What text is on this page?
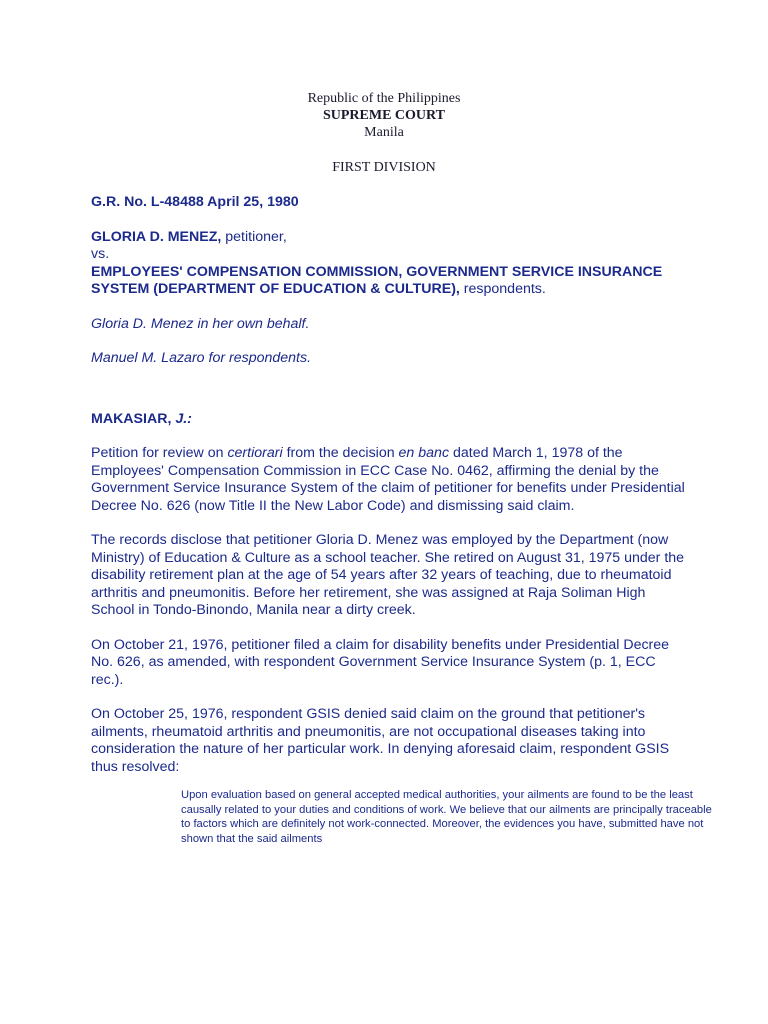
Republic of the Philippines
SUPREME COURT
Manila
FIRST DIVISION

G.R. No. L-48488 April 25, 1980

GLORIA D. MENEZ, petitioner,
vs.
EMPLOYEES' COMPENSATION COMMISSION, GOVERNMENT SERVICE INSURANCE SYSTEM (DEPARTMENT OF EDUCATION & CULTURE), respondents.

Gloria D. Menez in her own behalf.

Manuel M. Lazaro for respondents.

MAKASIAR, J.:

Petition for review on certiorari from the decision en banc dated March 1, 1978 of the Employees' Compensation Commission in ECC Case No. 0462, affirming the denial by the Government Service Insurance System of the claim of petitioner for benefits under Presidential Decree No. 626 (now Title II the New Labor Code) and dismissing said claim.

The records disclose that petitioner Gloria D. Menez was employed by the Department (now Ministry) of Education & Culture as a school teacher. She retired on August 31, 1975 under the disability retirement plan at the age of 54 years after 32 years of teaching, due to rheumatoid arthritis and pneumonitis. Before her retirement, she was assigned at Raja Soliman High School in Tondo-Binondo, Manila near a dirty creek.

On October 21, 1976, petitioner filed a claim for disability benefits under Presidential Decree No. 626, as amended, with respondent Government Service Insurance System (p. 1, ECC rec.).

On October 25, 1976, respondent GSIS denied said claim on the ground that petitioner's ailments, rheumatoid arthritis and pneumonitis, are not occupational diseases taking into consideration the nature of her particular work. In denying aforesaid claim, respondent GSIS thus resolved:

Upon evaluation based on general accepted medical authorities, your ailments are found to be the least causally related to your duties and conditions of work. We believe that our ailments are principally traceable to factors which are definitely not work-connected. Moreover, the evidences you have, submitted have not shown that the said ailments
